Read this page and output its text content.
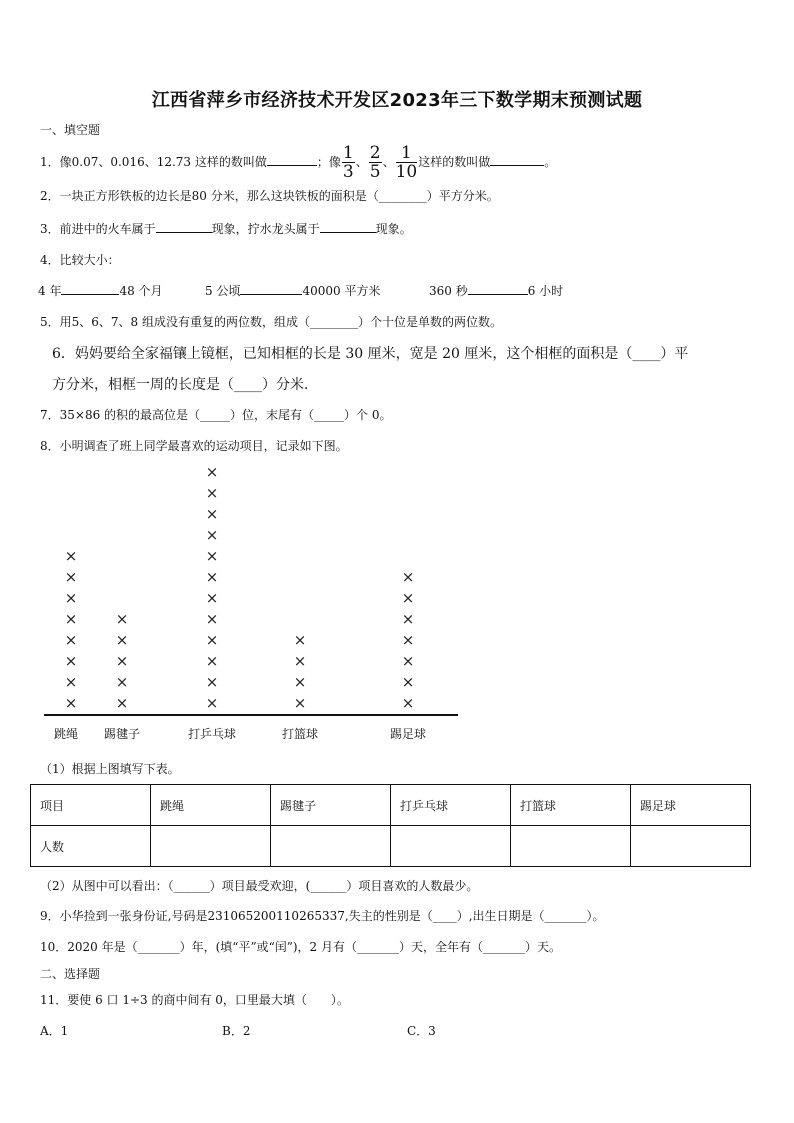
江西省萍乡市经济技术开发区2023年三下数学期末预测试题
一、填空题
1．像0.07、0.016、12.73 这样的数叫做	；像 $\frac{1}{3}$ 、 $\frac{2}{5}$ 、 $\frac{1}{10}$ 这样的数叫做	。
2．一块正方形铁板的边长是80 分米，那么这块铁板的面积是（________）平方分米。
3．前进中的火车属于	现象，拧水龙头属于	现象。
4．比较大小：
4 年	48 个月	5 公顷	40000 平方米	360 秒	6 小时
5．用5、6、7、8 组成没有重复的两位数，组成（________）个十位是单数的两位数。
6．妈妈要给全家福镶上镜框，已知相框的长是 30 厘米，宽是 20 厘米，这个相框的面积是（____）平
方分米，相框一周的长度是（____）分米．
7．35×86 的积的最高位是（_____）位，末尾有（_____）个 0。
8．小明调查了班上同学最喜欢的运动项目，记录如下图。
×
×
×
×
×
×
×
×
跳绳
×
×
×
×
×
踢毽子
×
×
×
×
×
×
×
×
×
×
×
×
打乒乓球
×
×
×
×
打篮球
×
×
×
×
×
×
×
踢足球
（1）根据上图填写下表。
项目	跳绳	踢毽子	打乒乓球	打篮球	踢足球
人数					
（2）从图中可以看出：（______）项目最受欢迎，(______）项目喜欢的人数最少。
9．小华捡到一张身份证,号码是231065200110265337,失主的性别是（____）,出生日期是（_______）。
10．2020 年是（_______）年，(填“平”或“闰”)，2 月有（_______）天，全年有（_______）天。
二、选择题
11．要使 6 口 1÷3 的商中间有 0，口里最大填（　　）。
A．1	B．2	C．3
